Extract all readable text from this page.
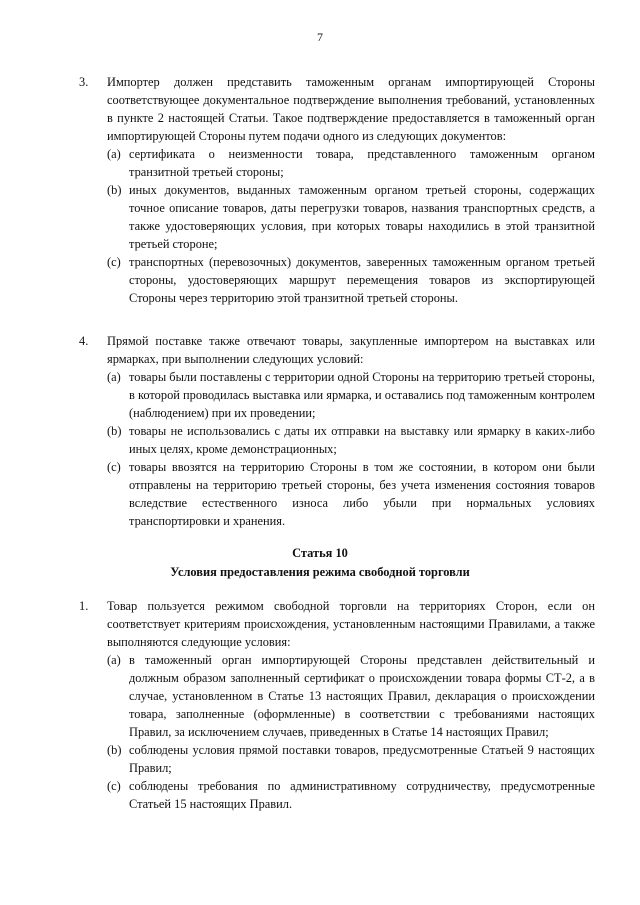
7
3. Импортер должен представить таможенным органам импортирующей Стороны соответствующее документальное подтверждение выполнения требований, установленных в пункте 2 настоящей Статьи. Такое подтверждение предоставляется в таможенный орган импортирующей Стороны путем подачи одного из следующих документов:
(a) сертификата о неизменности товара, представленного таможенным органом транзитной третьей стороны;
(b) иных документов, выданных таможенным органом третьей стороны, содержащих точное описание товаров, даты перегрузки товаров, названия транспортных средств, а также удостоверяющих условия, при которых товары находились в этой транзитной третьей стороне;
(c) транспортных (перевозочных) документов, заверенных таможенным органом третьей стороны, удостоверяющих маршрут перемещения товаров из экспортирующей Стороны через территорию этой транзитной третьей стороны.
4. Прямой поставке также отвечают товары, закупленные импортером на выставках или ярмарках, при выполнении следующих условий:
(a) товары были поставлены с территории одной Стороны на территорию третьей стороны, в которой проводилась выставка или ярмарка, и оставались под таможенным контролем (наблюдением) при их проведении;
(b) товары не использовались с даты их отправки на выставку или ярмарку в каких-либо иных целях, кроме демонстрационных;
(c) товары ввозятся на территорию Стороны в том же состоянии, в котором они были отправлены на территорию третьей стороны, без учета изменения состояния товаров вследствие естественного износа либо убыли при нормальных условиях транспортировки и хранения.
Статья 10
Условия предоставления режима свободной торговли
1. Товар пользуется режимом свободной торговли на территориях Сторон, если он соответствует критериям происхождения, установленным настоящими Правилами, а также выполняются следующие условия:
(a) в таможенный орган импортирующей Стороны представлен действительный и должным образом заполненный сертификат о происхождении товара формы СТ-2, а в случае, установленном в Статье 13 настоящих Правил, декларация о происхождении товара, заполненные (оформленные) в соответствии с требованиями настоящих Правил, за исключением случаев, приведенных в Статье 14 настоящих Правил;
(b) соблюдены условия прямой поставки товаров, предусмотренные Статьей 9 настоящих Правил;
(c) соблюдены требования по административному сотрудничеству, предусмотренные Статьей 15 настоящих Правил.
